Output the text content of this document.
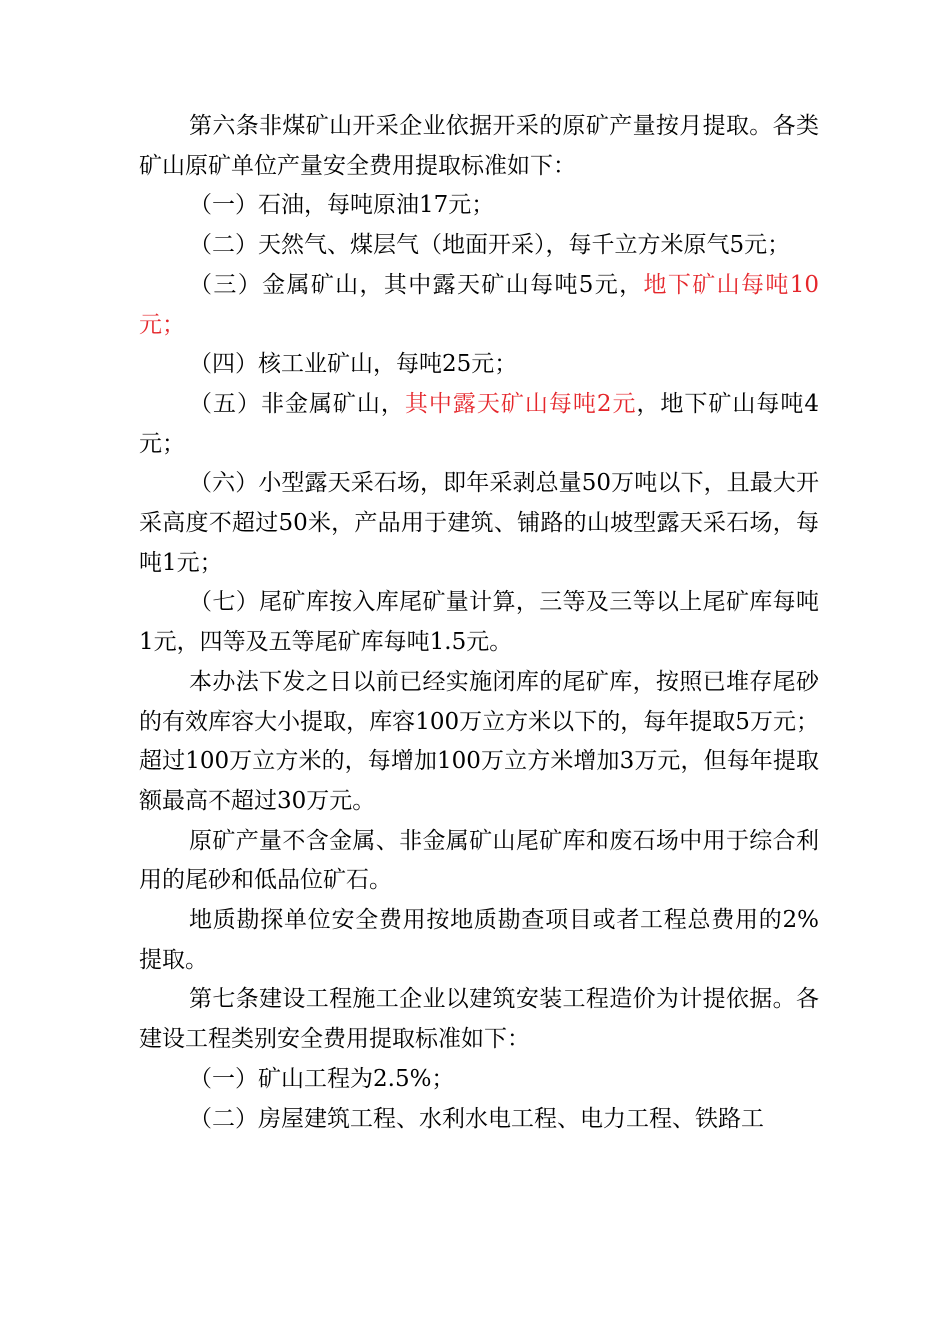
第六条非煤矿山开采企业依据开采的原矿产量按月提取。各类矿山原矿单位产量安全费用提取标准如下：

（一）石油，每吨原油17元；

（二）天然气、煤层气（地面开采），每千立方米原气5元；

（三）金属矿山，其中露天矿山每吨5元，地下矿山每吨10元；

（四）核工业矿山，每吨25元；

（五）非金属矿山，其中露天矿山每吨2元，地下矿山每吨4元；

（六）小型露天采石场，即年采剥总量50万吨以下，且最大开采高度不超过50米，产品用于建筑、铺路的山坡型露天采石场，每吨1元；

（七）尾矿库按入库尾矿量计算，三等及三等以上尾矿库每吨1元，四等及五等尾矿库每吨1.5元。

本办法下发之日以前已经实施闭库的尾矿库，按照已堆存尾砂的有效库容大小提取，库容100万立方米以下的，每年提取5万元；超过100万立方米的，每增加100万立方米增加3万元，但每年提取额最高不超过30万元。

原矿产量不含金属、非金属矿山尾矿库和废石场中用于综合利用的尾砂和低品位矿石。

地质勘探单位安全费用按地质勘查项目或者工程总费用的2%提取。

第七条建设工程施工企业以建筑安装工程造价为计提依据。各建设工程类别安全费用提取标准如下：

（一）矿山工程为2.5%；

（二）房屋建筑工程、水利水电工程、电力工程、铁路工
